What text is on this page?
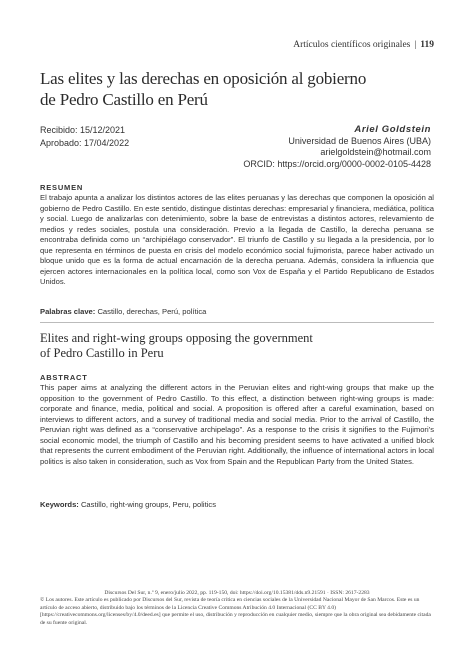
Artículos científicos originales | 119
Las elites y las derechas en oposición al gobierno
de Pedro Castillo en Perú
Recibido: 15/12/2021
Aprobado: 17/04/2022
Ariel Goldstein
Universidad de Buenos Aires (UBA)
arielgoldstein@hotmail.com
ORCID: https://orcid.org/0000-0002-0105-4428
RESUMEN

El trabajo apunta a analizar los distintos actores de las elites peruanas y las derechas que componen la oposición al gobierno de Pedro Castillo. En este sentido, distingue distintas derechas: empresarial y financiera, mediática, política y social. Luego de analizarlas con detenimiento, sobre la base de entrevistas a distintos actores, relevamiento de medios y redes sociales, postula una consideración. Previo a la llegada de Castillo, la derecha peruana se encontraba definida como un “archipiélago conservador”. El triunfo de Castillo y su llegada a la presidencia, por lo que representa en términos de puesta en crisis del modelo económico social fujimorista, parece haber activado un bloque unido que es la forma de actual encarnación de la derecha peruana. Además, considera la influencia que ejercen actores internacionales en la política local, como son Vox de España y el Partido Republicano de Estados Unidos.

Palabras clave: Castillo, derechas, Perú, política
Elites and right-wing groups opposing the government
of Pedro Castillo in Peru
ABSTRACT

This paper aims at analyzing the different actors in the Peruvian elites and right-wing groups that make up the opposition to the government of Pedro Castillo. To this effect, a distinction between right-wing groups is made: corporate and finance, media, political and social. A proposition is offered after a careful examination, based on interviews to different actors, and a survey of traditional media and social media. Prior to the arrival of Castillo, the Peruvian right was defined as a “conservative archipelago”. As a response to the crisis it signifies to the Fujimori’s social economic model, the triumph of Castillo and his becoming president seems to have activated a unified block that represents the current embodiment of the Peruvian right. Additionally, the influence of international actors in local politics is also taken in consideration, such as Vox from Spain and the Republican Party from the United States.

Keywords: Castillo, right-wing groups, Peru, politics
Discursos Del Sur, n.º 9, enero/julio 2022, pp. 119-150, doi: https://doi.org/10.15381/dds.n9.21591 · ISSN: 2617-2283
© Los autores. Este artículo es publicado por Discursos del Sur, revista de teoría crítica en ciencias sociales de la Universidad Nacional Mayor de San Marcos. Este es un artículo de acceso abierto, distribuido bajo los términos de la Licencia Creative Commons Atribución 4.0 Internacional (CC BY 4.0) [https://creativecommons.org/licenses/by/4.0/deed.es] que permite el uso, distribución y reproducción en cualquier medio, siempre que la obra original sea debidamente citada de su fuente original.
